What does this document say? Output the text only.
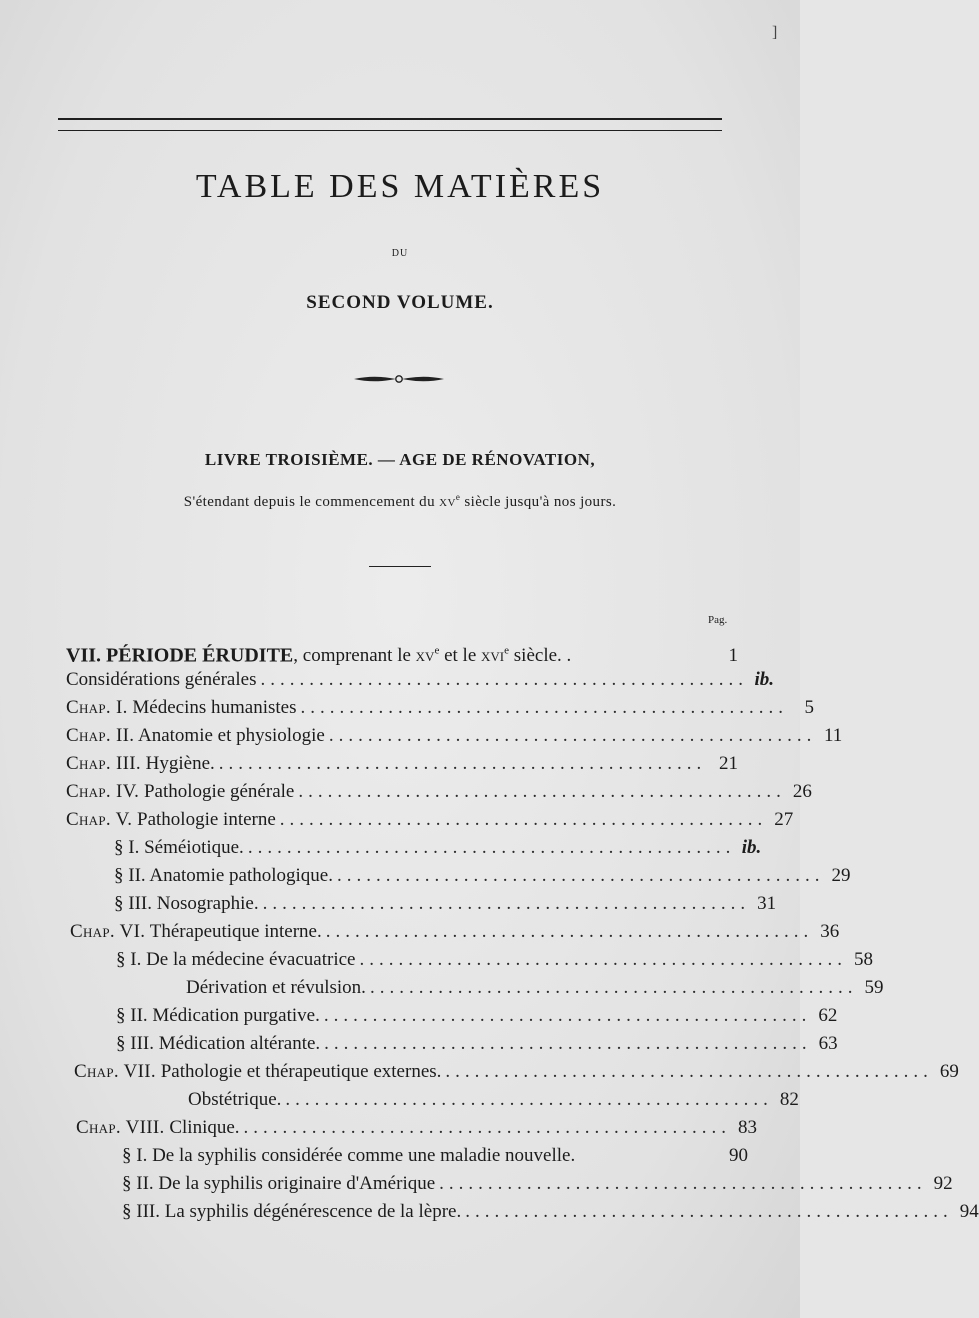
]
TABLE DES MATIÈRES
DU
SECOND VOLUME.
LIVRE TROISIÈME. — AGE DE RÉNOVATION,
S'étendant depuis le commencement du $xv^e$ siècle jusqu'à nos jours.
Pag.
VII. PÉRIODE ÉRUDITE, comprenant le $xv^e$ et le xvi$^e$ siècle. .	1
Considérations générales .................................................. ib.
Chap. I. Médecins humanistes .................................................. 5
Chap. II. Anatomie et physiologie .................................................. 11
Chap. III. Hygiène. .................................................. 21
Chap. IV. Pathologie générale .................................................. 26
Chap. V. Pathologie interne .................................................. 27
§ I. Séméiotique. .................................................. ib.
§ II. Anatomie pathologique. .................................................. 29
§ III. Nosographie. .................................................. 31
Chap. VI. Thérapeutique interne. .................................................. 36
§ I. De la médecine évacuatrice .................................................. 58
Dérivation et révulsion. .................................................. 59
§ II. Médication purgative. .................................................. 62
§ III. Médication altérante. .................................................. 63
Chap. VII. Pathologie et thérapeutique externes. .................................................. 69
Obstétrique. .................................................. 82
Chap. VIII. Clinique. .................................................. 83
§ I. De la syphilis considérée comme une maladie nouvelle.	90
§ II. De la syphilis originaire d'Amérique .................................................. 92
§ III. La syphilis dégénérescence de la lèpre. .................................................. 94
